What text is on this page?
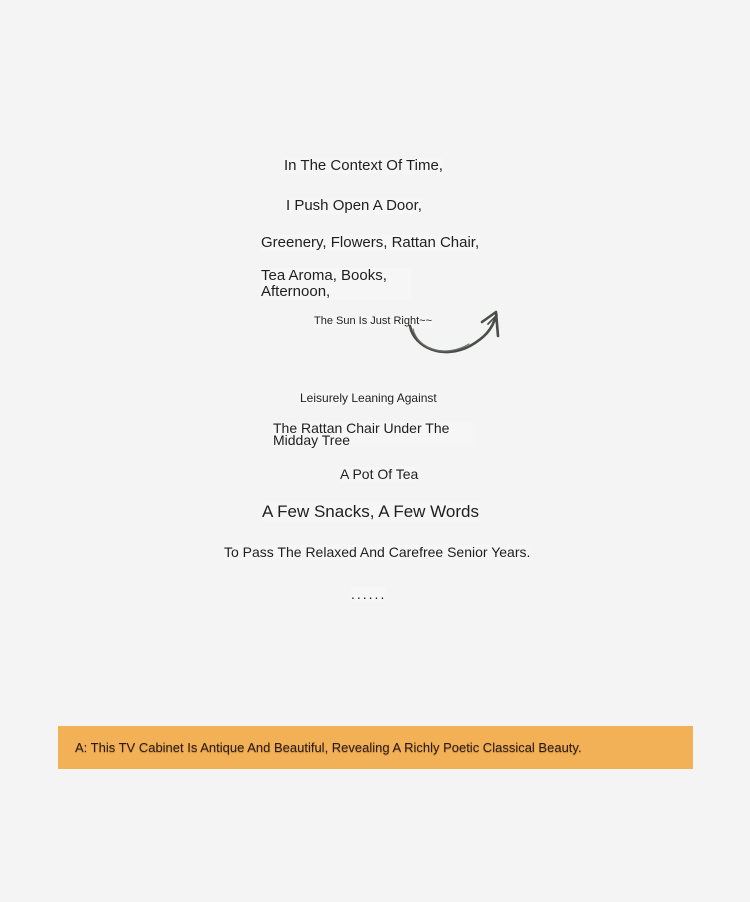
In The Context Of Time,
I Push Open A Door,
Greenery, Flowers, Rattan Chair,
Tea Aroma, Books, Afternoon,
The Sun Is Just Right~~
Leisurely Leaning Against
The Rattan Chair Under The Midday Tree
A Pot Of Tea
A Few Snacks, A Few Words
To Pass The Relaxed And Carefree Senior Years.
......
A: This TV Cabinet Is Antique And Beautiful, Revealing A Richly Poetic Classical Beauty.
